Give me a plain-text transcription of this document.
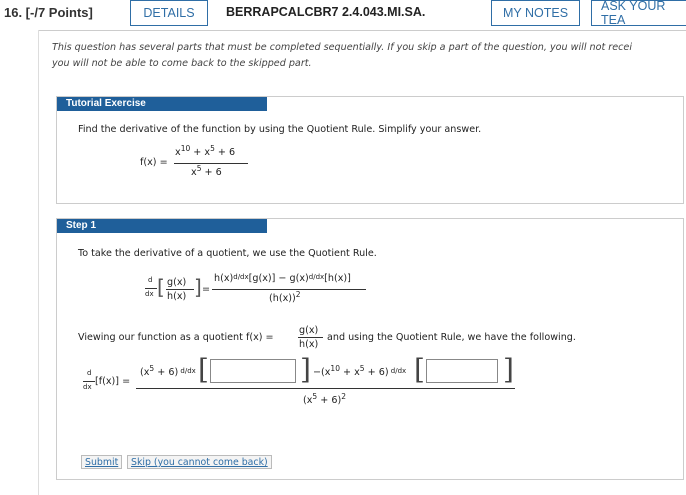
16. [-/7 Points]	DETAILS	BERRAPCALCBR7 2.4.043.MI.SA.	MY NOTES	ASK YOUR TEA
This question has several parts that must be completed sequentially. If you skip a part of the question, you will not recei
you will not be able to come back to the skipped part.
Tutorial Exercise
Find the derivative of the function by using the Quotient Rule. Simplify your answer.
f(x) =
$x^{10} + x^5 + 6$
$x^5 + 6$
Step 1
To take the derivative of a quotient, we use the Quotient Rule.
d
dx [ g(x)
h(x) ] =
$h(x)^{d/dx}[g(x)] - g(x)^{d/dx}[h(x)]$
$(h(x))^2$
Viewing our function as a quotient f(x) =
g(x)
h(x)
and using the Quotient Rule, we have the following.
d
dx [f(x)] =
$(x^5 + 6)$ $^{d/dx}$ [	] − $(x^{10} + x^5 + 6)$ $^{d/dx}$ [	]
$(x^5 + 6)^2$
Submit	Skip (you cannot come back)
